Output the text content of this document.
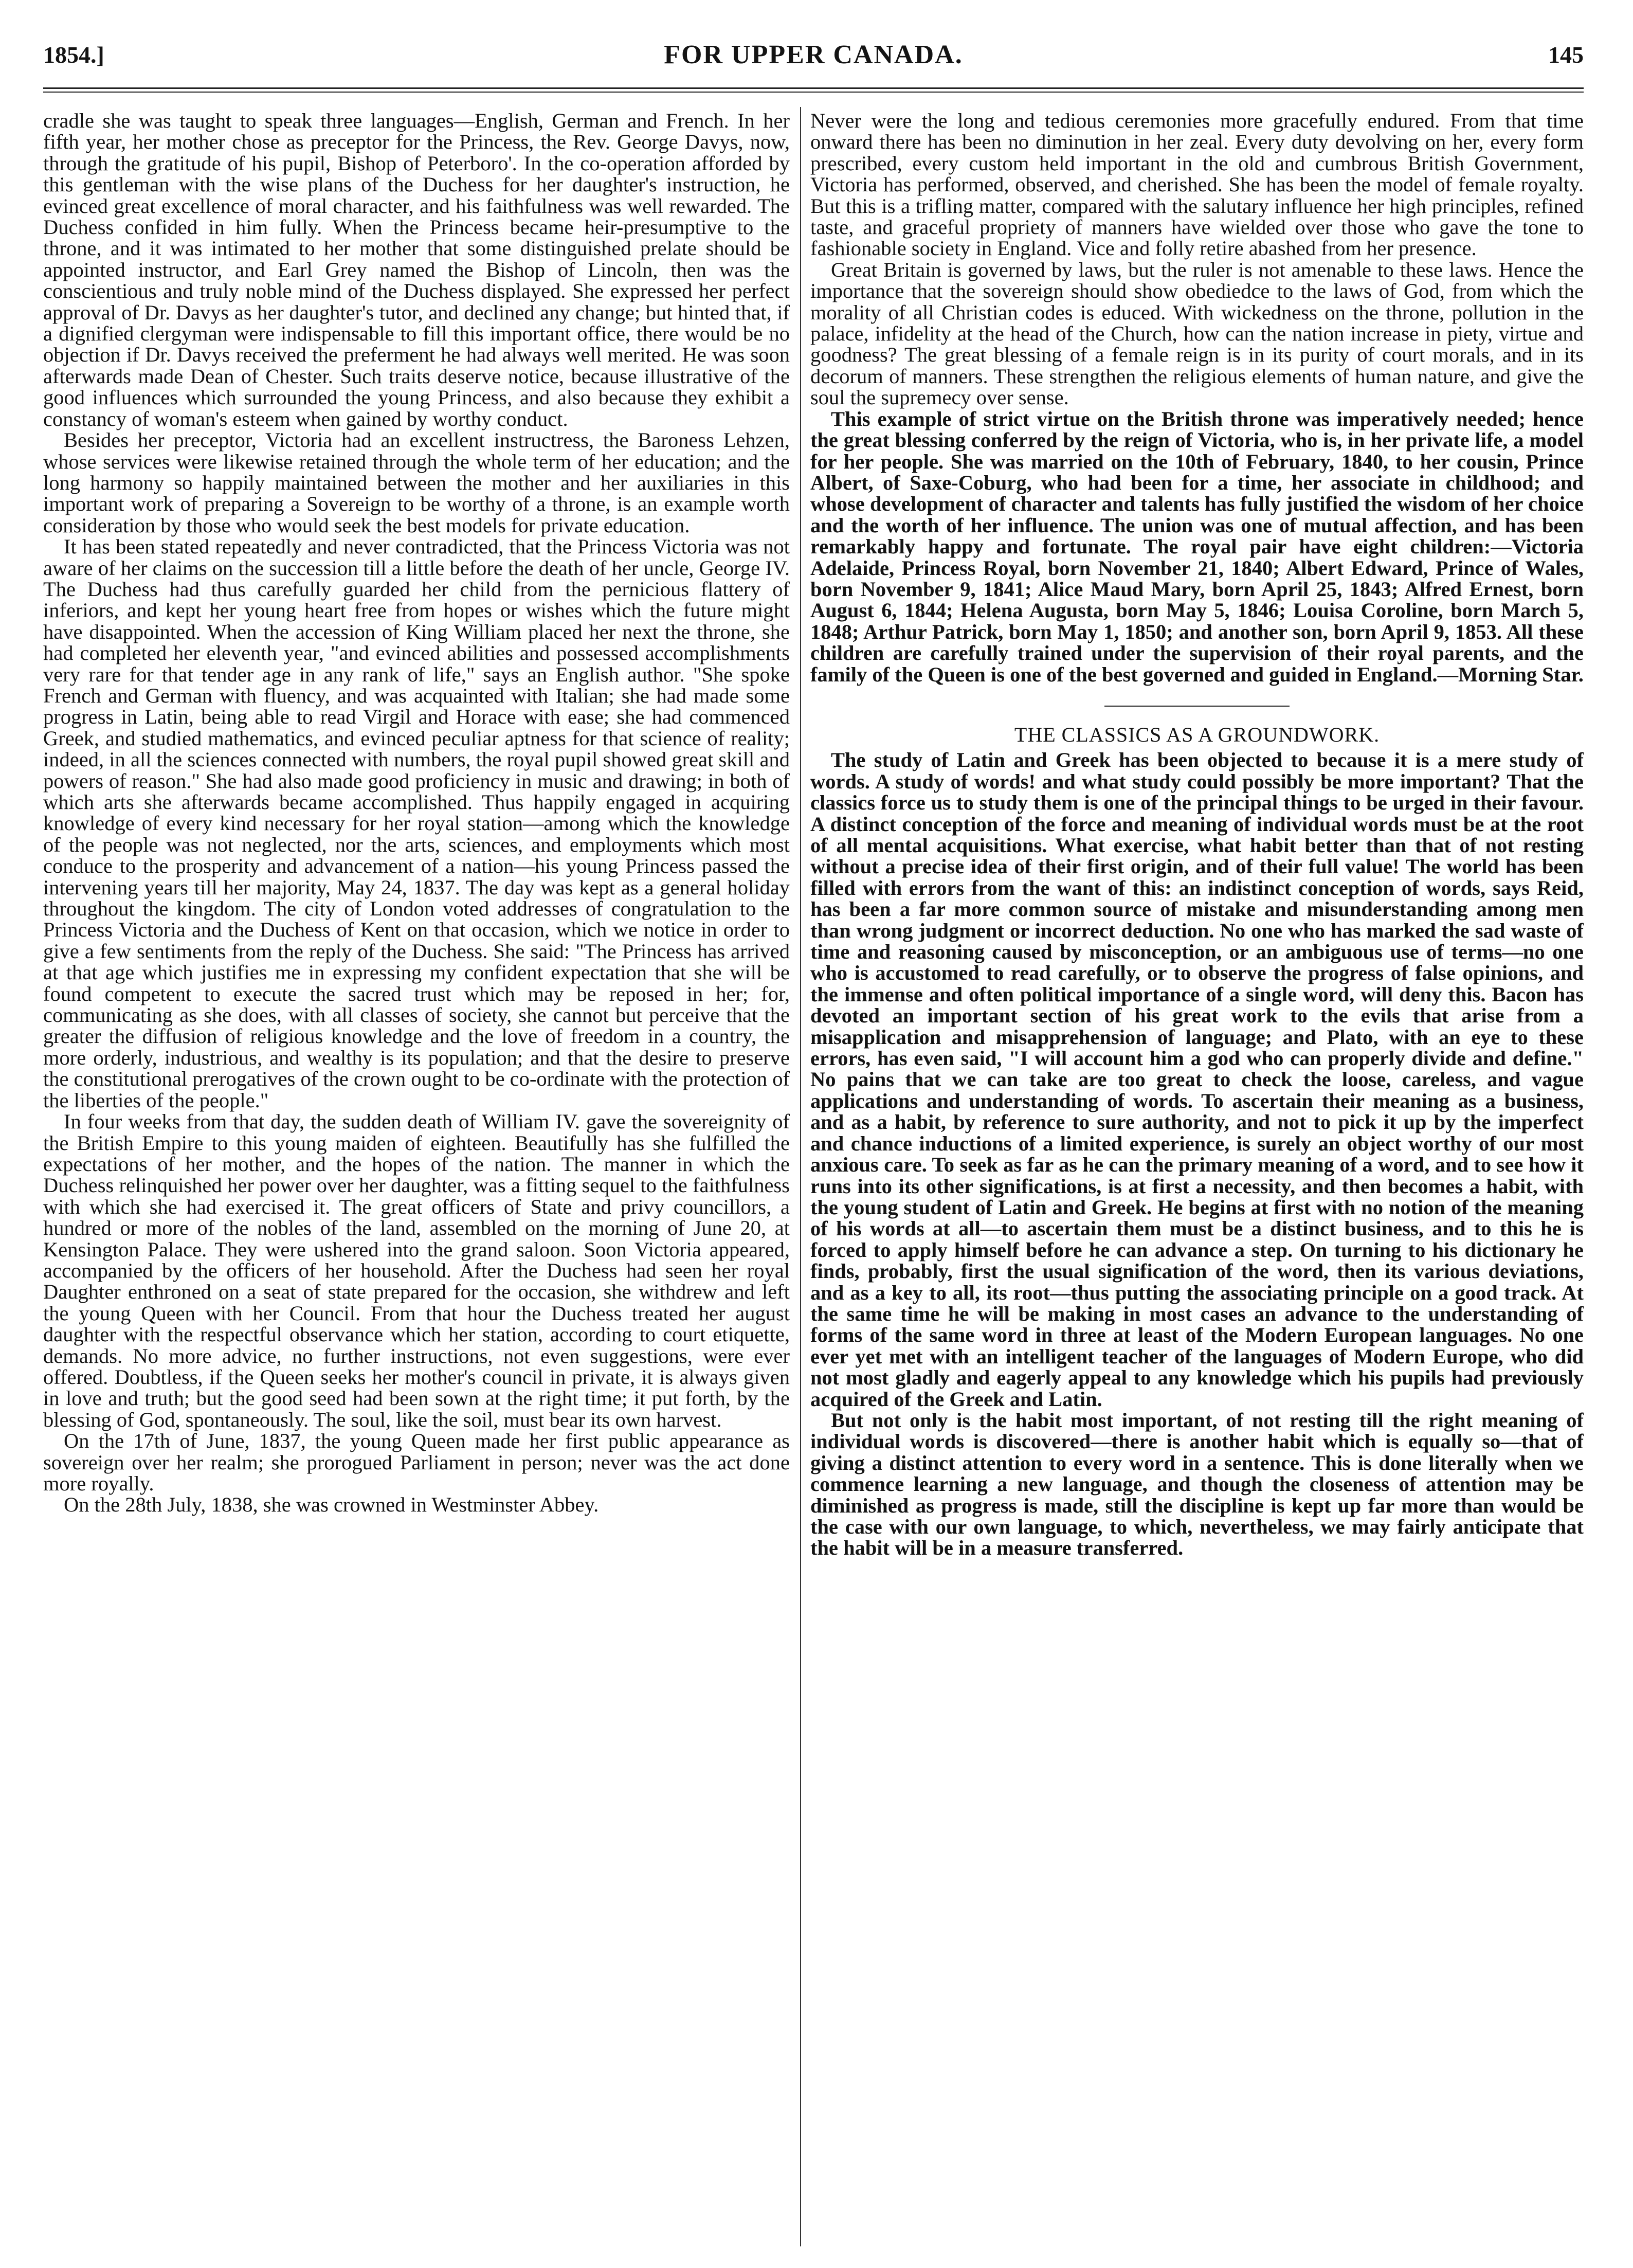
1854.]	FOR UPPER CANADA.	145

cradle she was taught to speak three languages—English, German and French. In her fifth year, her mother chose as preceptor for the Princess, the Rev. George Davys, now, through the gratitude of his pupil, Bishop of Peterboro'. In the co-operation afforded by this gentleman with the wise plans of the Duchess for her daughter's instruction, he evinced great excellence of moral character, and his faithfulness was well rewarded. The Duchess confided in him fully. When the Princess became heir-presumptive to the throne, and it was intimated to her mother that some distinguished prelate should be appointed instructor, and Earl Grey named the Bishop of Lincoln, then was the conscientious and truly noble mind of the Duchess displayed. She expressed her perfect approval of Dr. Davys as her daughter's tutor, and declined any change; but hinted that, if a dignified clergyman were indispensable to fill this important office, there would be no objection if Dr. Davys received the preferment he had always well merited. He was soon afterwards made Dean of Chester. Such traits deserve notice, because illustrative of the good influences which surrounded the young Princess, and also because they exhibit a constancy of woman's esteem when gained by worthy conduct.

Besides her preceptor, Victoria had an excellent instructress, the Baroness Lehzen, whose services were likewise retained through the whole term of her education; and the long harmony so happily maintained between the mother and her auxiliaries in this important work of preparing a Sovereign to be worthy of a throne, is an example worth consideration by those who would seek the best models for private education.

It has been stated repeatedly and never contradicted, that the Princess Victoria was not aware of her claims on the succession till a little before the death of her uncle, George IV. The Duchess had thus carefully guarded her child from the pernicious flattery of inferiors, and kept her young heart free from hopes or wishes which the future might have disappointed. When the accession of King William placed her next the throne, she had completed her eleventh year, "and evinced abilities and possessed accomplishments very rare for that tender age in any rank of life," says an English author. "She spoke French and German with fluency, and was acquainted with Italian; she had made some progress in Latin, being able to read Virgil and Horace with ease; she had commenced Greek, and studied mathematics, and evinced peculiar aptness for that science of reality; indeed, in all the sciences connected with numbers, the royal pupil showed great skill and powers of reason." She had also made good proficiency in music and drawing; in both of which arts she afterwards became accomplished. Thus happily engaged in acquiring knowledge of every kind necessary for her royal station—among which the knowledge of the people was not neglected, nor the arts, sciences, and employments which most conduce to the prosperity and advancement of a nation—his young Princess passed the intervening years till her majority, May 24, 1837. The day was kept as a general holiday throughout the kingdom. The city of London voted addresses of congratulation to the Princess Victoria and the Duchess of Kent on that occasion, which we notice in order to give a few sentiments from the reply of the Duchess. She said: "The Princess has arrived at that age which justifies me in expressing my confident expectation that she will be found competent to execute the sacred trust which may be reposed in her; for, communicating as she does, with all classes of society, she cannot but perceive that the greater the diffusion of religious knowledge and the love of freedom in a country, the more orderly, industrious, and wealthy is its population; and that the desire to preserve the constitutional prerogatives of the crown ought to be co-ordinate with the protection of the liberties of the people."

In four weeks from that day, the sudden death of William IV. gave the sovereignity of the British Empire to this young maiden of eighteen. Beautifully has she fulfilled the expectations of her mother, and the hopes of the nation. The manner in which the Duchess relinquished her power over her daughter, was a fitting sequel to the faithfulness with which she had exercised it. The great officers of State and privy councillors, a hundred or more of the nobles of the land, assembled on the morning of June 20, at Kensington Palace. They were ushered into the grand saloon. Soon Victoria appeared, accompanied by the officers of her household. After the Duchess had seen her royal Daughter enthroned on a seat of state prepared for the occasion, she withdrew and left the young Queen with her Council. From that hour the Duchess treated her august daughter with the respectful observance which her station, according to court etiquette, demands. No more advice, no further instructions, not even suggestions, were ever offered. Doubtless, if the Queen seeks her mother's council in private, it is always given in love and truth; but the good seed had been sown at the right time; it put forth, by the blessing of God, spontaneously. The soul, like the soil, must bear its own harvest.

On the 17th of June, 1837, the young Queen made her first public appearance as sovereign over her realm; she prorogued Parliament in person; never was the act done more royally.

On the 28th July, 1838, she was crowned in Westminster Abbey.

Never were the long and tedious ceremonies more gracefully endured. From that time onward there has been no diminution in her zeal. Every duty devolving on her, every form prescribed, every custom held important in the old and cumbrous British Government, Victoria has performed, observed, and cherished. She has been the model of female royalty. But this is a trifling matter, compared with the salutary influence her high principles, refined taste, and graceful propriety of manners have wielded over those who gave the tone to fashionable society in England. Vice and folly retire abashed from her presence.

Great Britain is governed by laws, but the ruler is not amenable to these laws. Hence the importance that the sovereign should show obediedce to the laws of God, from which the morality of all Christian codes is educed. With wickedness on the throne, pollution in the palace, infidelity at the head of the Church, how can the nation increase in piety, virtue and goodness? The great blessing of a female reign is in its purity of court morals, and in its decorum of manners. These strengthen the religious elements of human nature, and give the soul the supremecy over sense.

This example of strict virtue on the British throne was imperatively needed; hence the great blessing conferred by the reign of Victoria, who is, in her private life, a model for her people. She was married on the 10th of February, 1840, to her cousin, Prince Albert, of Saxe-Coburg, who had been for a time, her associate in childhood; and whose development of character and talents has fully justified the wisdom of her choice and the worth of her influence. The union was one of mutual affection, and has been remarkably happy and fortunate. The royal pair have eight children:—Victoria Adelaide, Princess Royal, born November 21, 1840; Albert Edward, Prince of Wales, born November 9, 1841; Alice Maud Mary, born April 25, 1843; Alfred Ernest, born August 6, 1844; Helena Augusta, born May 5, 1846; Louisa Coroline, born March 5, 1848; Arthur Patrick, born May 1, 1850; and another son, born April 9, 1853. All these children are carefully trained under the supervision of their royal parents, and the family of the Queen is one of the best governed and guided in England.—Morning Star.

THE CLASSICS AS A GROUNDWORK.

The study of Latin and Greek has been objected to because it is a mere study of words. A study of words! and what study could possibly be more important? That the classics force us to study them is one of the principal things to be urged in their favour. A distinct conception of the force and meaning of individual words must be at the root of all mental acquisitions. What exercise, what habit better than that of not resting without a precise idea of their first origin, and of their full value! The world has been filled with errors from the want of this: an indistinct conception of words, says Reid, has been a far more common source of mistake and misunderstanding among men than wrong judgment or incorrect deduction. No one who has marked the sad waste of time and reasoning caused by misconception, or an ambiguous use of terms—no one who is accustomed to read carefully, or to observe the progress of false opinions, and the immense and often political importance of a single word, will deny this. Bacon has devoted an important section of his great work to the evils that arise from a misapplication and misapprehension of language; and Plato, with an eye to these errors, has even said, "I will account him a god who can properly divide and define." No pains that we can take are too great to check the loose, careless, and vague applications and understanding of words. To ascertain their meaning as a business, and as a habit, by reference to sure authority, and not to pick it up by the imperfect and chance inductions of a limited experience, is surely an object worthy of our most anxious care. To seek as far as he can the primary meaning of a word, and to see how it runs into its other significations, is at first a necessity, and then becomes a habit, with the young student of Latin and Greek. He begins at first with no notion of the meaning of his words at all—to ascertain them must be a distinct business, and to this he is forced to apply himself before he can advance a step. On turning to his dictionary he finds, probably, first the usual signification of the word, then its various deviations, and as a key to all, its root—thus putting the associating principle on a good track. At the same time he will be making in most cases an advance to the understanding of forms of the same word in three at least of the Modern European languages. No one ever yet met with an intelligent teacher of the languages of Modern Europe, who did not most gladly and eagerly appeal to any knowledge which his pupils had previously acquired of the Greek and Latin.

But not only is the habit most important, of not resting till the right meaning of individual words is discovered—there is another habit which is equally so—that of giving a distinct attention to every word in a sentence. This is done literally when we commence learning a new language, and though the closeness of attention may be diminished as progress is made, still the discipline is kept up far more than would be the case with our own language, to which, nevertheless, we may fairly anticipate that the habit will be in a measure transferred.
